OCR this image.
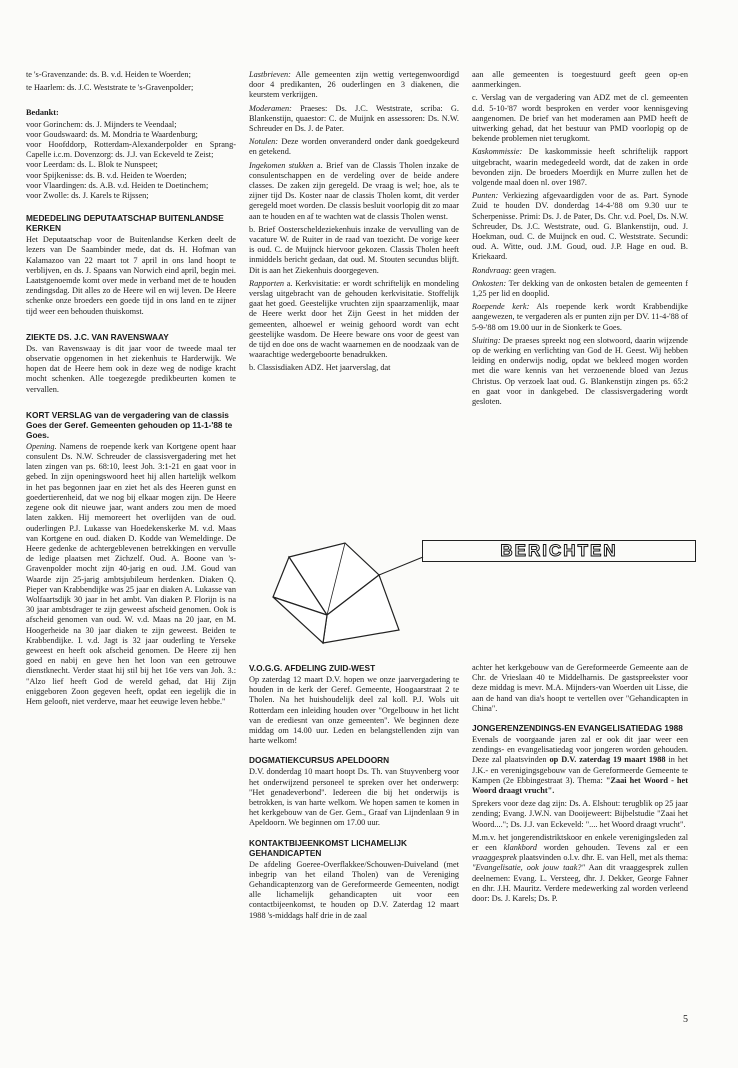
te 's-Gravenzande: ds. B. v.d. Heiden te Woerden;

te Haarlem: ds. J.C. Weststrate te 's-Gravenpolder;

Bedankt:
voor Gorinchem: ds. J. Mijnders te Veendaal;
voor Goudswaard: ds. M. Mondria te Waardenburg;
voor Hoofddorp, Rotterdam-Alexanderpolder en Sprang-Capelle i.c.m. Dovenzorg: ds. J.J. van Eckeveld te Zeist;
voor Leerdam: ds. L. Blok te Nunspeet;
voor Spijkenisse: ds. B. v.d. Heiden te Woerden;
voor Vlaardingen: ds. A.B. v.d. Heiden te Doetinchem;
voor Zwolle: ds. J. Karels te Rijssen;
MEDEDELING DEPUTAATSCHAP BUITENLANDSE KERKEN

Het Deputaatschap voor de Buitenlandse Kerken deelt de lezers van De Saambinder mede, dat ds. H. Hofman van Kalamazoo van 22 maart tot 7 april in ons land hoopt te verblijven, en ds. J. Spaans van Norwich eind april, begin mei. Laatstgenoemde komt over mede in verband met de te houden zendingsdag. Dit alles zo de Heere wil en wij leven. De Heere schenke onze broeders een goede tijd in ons land en te zijner tijd weer een behouden thuiskomst.

ZIEKTE DS. J.C. VAN RAVENSWAAY

Ds. van Ravenswaay is dit jaar voor de tweede maal ter observatie opgenomen in het ziekenhuis te Harderwijk. We hopen dat de Heere hem ook in deze weg de nodige kracht mocht schenken. Alle toegezegde predikbeurten komen te vervallen.

KORT VERSLAG van de vergadering van de classis Goes der Geref. Gemeenten gehouden op 11-1-'88 te Goes.

Opening. Namens de roepende kerk van Kortgene opent haar consulent Ds. N.W. Schreuder de classisvergadering met het laten zingen van ps. 68:10, leest Joh. 3:1-21 en gaat voor in gebed. In zijn openingswoord heet hij allen hartelijk welkom in het pas begonnen jaar en ziet het als des Heeren gunst en goedertierenheid, dat we nog bij elkaar mogen zijn. De Heere zegene ook dit nieuwe jaar, want anders zou men de moed laten zakken. Hij memoreert het overlijden van de oud. ouderlingen P.J. Lukasse van Hoedekenskerke M. v.d. Maas van Kortgene en oud. diaken D. Kodde van Wemeldinge. De Heere gedenke de achtergeblevenen betrekkingen en vervulle de ledige plaatsen met Zichzelf. Oud. A. Boone van 's-Gravenpolder mocht zijn 40-jarig en oud. J.M. Goud van Waarde zijn 25-jarig ambtsjubileum herdenken. Diaken Q. Pieper van Krabbendijke was 25 jaar en diaken A. Lukasse van Wolfaartsdijk 30 jaar in het ambt. Van diaken P. Florijn is na 30 jaar ambtsdrager te zijn geweest afscheid genomen. Ook is afscheid genomen van oud. W. v.d. Maas na 20 jaar, en M. Hoogerheide na 30 jaar diaken te zijn geweest. Beiden te Krabbendijke. I. v.d. Jagt is 32 jaar ouderling te Yerseke geweest en heeft ook afscheid genomen. De Heere zij hen goed en nabij en geve hen het loon van een getrouwe dienstknecht. Verder staat hij stil bij het 16e vers van Joh. 3.: "Alzo lief heeft God de wereld gehad, dat Hij Zijn eniggeboren Zoon gegeven heeft, opdat een iegelijk die in Hem gelooft, niet verderve, maar het eeuwige leven hebbe."

Lastbrieven: Alle gemeenten zijn wettig vertegenwoordigd door 4 predikanten, 26 ouderlingen en 3 diakenen, die keurstem verkrijgen.

Moderamen: Praeses: Ds. J.C. Weststrate, scriba: G. Blankenstijn, quaestor: C. de Muijnk en assessoren: Ds. N.W. Schreuder en Ds. J. de Pater.

Notulen: Deze worden onveranderd onder dank goedgekeurd en getekend.

Ingekomen stukken a. Brief van de Classis Tholen inzake de consulentschappen en de verdeling over de beide andere classes. De zaken zijn geregeld. De vraag is wel; hoe, als te zijner tijd Ds. Koster naar de classis Tholen komt, dit verder geregeld moet worden. De classis besluit voorlopig dit zo maar aan te houden en af te wachten wat de classis Tholen wenst.

b. Brief Oosterscheldeziekenhuis inzake de vervulling van de vacature W. de Ruiter in de raad van toezicht. De vorige keer is oud. C. de Muijnck hiervoor gekozen. Classis Tholen heeft inmiddels bericht gedaan, dat oud. M. Stouten secundus blijft. Dit is aan het Ziekenhuis doorgegeven.

Rapporten a. Kerkvisitatie: er wordt schriftelijk en mondeling verslag uitgebracht van de gehouden kerkvisitatie. Stoffelijk gaat het goed. Geestelijke vruchten zijn spaarzamenlijk, maar de Heere werkt door het Zijn Geest in het midden der gemeenten, alhoewel er weinig gehoord wordt van echt geestelijke wasdom. De Heere beware ons voor de geest van de tijd en doe ons de wacht waarnemen en de noodzaak van de waarachtige wedergeboorte benadrukken.

b. Classisdiaken ADZ. Het jaarverslag, dat

aan alle gemeenten is toegestuurd geeft geen op-en aanmerkingen.

c. Verslag van de vergadering van ADZ met de cl. gemeenten d.d. 5-10-'87 wordt besproken en verder voor kennisgeving aangenomen. De brief van het moderamen aan PMD heeft de uitwerking gehad, dat het bestuur van PMD voorlopig op de bekende problemen niet terugkomt.

Kaskommissie: De kaskommissie heeft schriftelijk rapport uitgebracht, waarin medegedeeld wordt, dat de zaken in orde bevonden zijn. De broeders Moerdijk en Murre zullen het de volgende maal doen nl. over 1987.

Punten: Verkiezing afgevaardigden voor de as. Part. Synode Zuid te houden DV. donderdag 14-4-'88 om 9.30 uur te Scherpenisse. Primi: Ds. J. de Pater, Ds. Chr. v.d. Poel, Ds. N.W. Schreuder, Ds. J.C. Weststrate, oud. G. Blankenstijn, oud. J. Hoekman, oud. C. de Muijnck en oud. C. Weststrate. Secundi: oud. A. Witte, oud. J.M. Goud, oud. J.P. Hage en oud. B. Kriekaard.

Rondvraag: geen vragen.

Onkosten: Ter dekking van de onkosten betalen de gemeenten f 1,25 per lid en dooplid.

Roepende kerk: Als roepende kerk wordt Krabbendijke aangewezen, te vergaderen als er punten zijn per DV. 11-4-'88 of 5-9-'88 om 19.00 uur in de Sionkerk te Goes.

Sluiting: De praeses spreekt nog een slotwoord, daarin wijzende op de werking en verlichting van God de H. Geest. Wij hebben leiding en onderwijs nodig, opdat we bekleed mogen worden met die ware kennis van het verzoenende bloed van Jezus Christus. Op verzoek laat oud. G. Blankenstijn zingen ps. 65:2 en gaat voor in dankgebed. De classisvergadering wordt gesloten.

BERICHTEN
V.O.G.G. AFDELING ZUID-WEST

Op zaterdag 12 maart D.V. hopen we onze jaarvergadering te houden in de kerk der Geref. Gemeente, Hoogaarstraat 2 te Tholen. Na het huishoudelijk deel zal koll. P.J. Wols uit Rotterdam een inleiding houden over "Orgelbouw in het licht van de erediesnt van onze gemeenten". We beginnen deze middag om 14.00 uur. Leden en belangstellenden zijn van harte welkom!

DOGMATIEKCURSUS APELDOORN

D.V. donderdag 10 maart hoopt Ds. Th. van Stuyvenberg voor het onderwijzend personeel te spreken over het onderwerp: "Het genadeverbond". Iedereen die bij het onderwijs is betrokken, is van harte welkom. We hopen samen te komen in het kerkgebouw van de Ger. Gem., Graaf van Lijndenlaan 9 in Apeldoorn. We beginnen om 17.00 uur.

KONTAKTBIJEENKOMST LICHAMELIJK GEHANDICAPTEN

De afdeling Goeree-Overflakkee/Schouwen-Duiveland (met inbegrip van het eiland Tholen) van de Vereniging Gehandicaptenzorg van de Gereformeerde Gemeenten, nodigt alle lichamelijk gehandicapten uit voor een contactbijeenkomst, te houden op D.V. Zaterdag 12 maart 1988 's-middags half drie in de zaal

achter het kerkgebouw van de Gereformeerde Gemeente aan de Chr. de Vrieslaan 40 te Middelharnis. De gastspreekster voor deze middag is mevr. M.A. Mijnders-van Woerden uit Lisse, die aan de hand van dia's hoopt te vertellen over "Gehandicapten in China".

JONGERENZENDINGS-EN EVANGELISATIEDAG 1988

Evenals de voorgaande jaren zal er ook dit jaar weer een zendings- en evangelisatiedag voor jongeren worden gehouden. Deze zal plaatsvinden op D.V. zaterdag 19 maart 1988 in het J.K.- en verenigingsgebouw van de Gereformeerde Gemeente te Kampen (2e Ebbingestraat 3). Thema: "Zaai het Woord - het Woord draagt vrucht".

Sprekers voor deze dag zijn: Ds. A. Elshout: terugblik op 25 jaar zending; Evang. J.W.N. van Dooijeweert: Bijbelstudie "Zaai het Woord...."; Ds. J.J. van Eckeveld: ".... het Woord draagt vrucht".

M.m.v. het jongerendistriktskoor en enkele verenigingsleden zal er een klankbord worden gehouden. Tevens zal er een vraaggesprek plaatsvinden o.l.v. dhr. E. van Hell, met als thema: "Evangelisatie, ook jouw taak?" Aan dit vraaggesprek zullen deelnemen: Evang. L. Versteeg, dhr. J. Dekker, George Fahner en dhr. J.H. Mauritz. Verdere medewerking zal worden verleend door: Ds. J. Karels; Ds. P.

5
